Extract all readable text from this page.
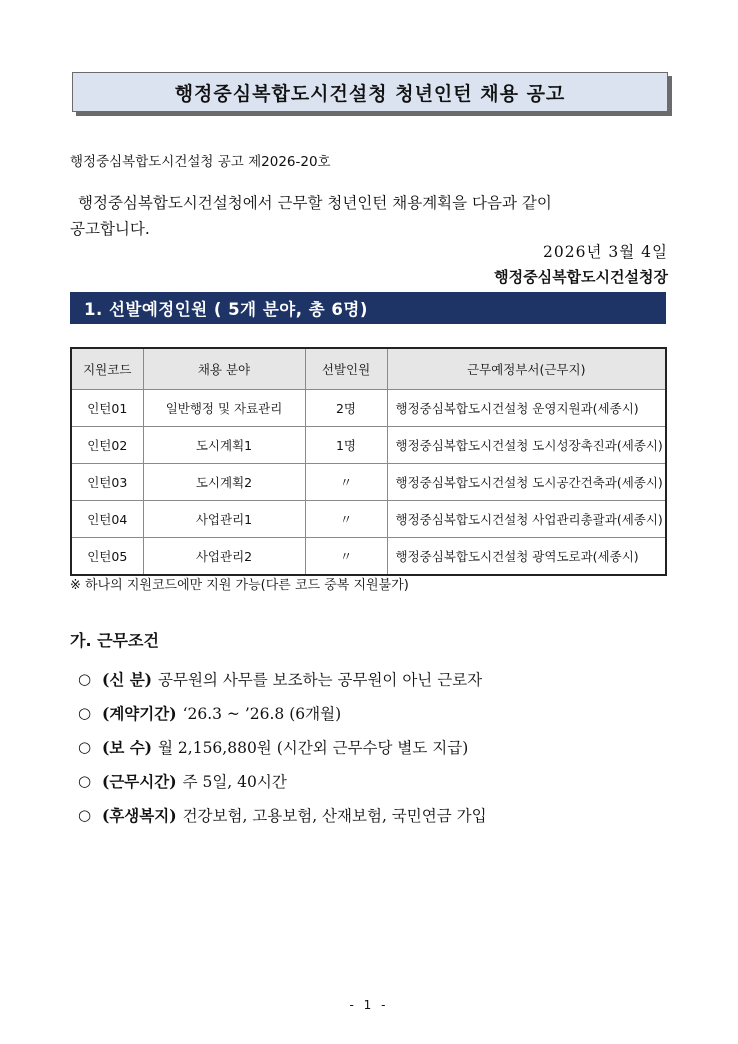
행정중심복합도시건설청 청년인턴 채용 공고
행정중심복합도시건설청 공고 제2026-20호
행정중심복합도시건설청에서 근무할 청년인턴 채용계획을 다음과 같이
공고합니다.
2026년 3월 4일
행정중심복합도시건설청장
1. 선발예정인원 ( 5개 분야, 총 6명)
지원코드	채용 분야	선발인원	근무예정부서(근무지)
인턴01	일반행정 및 자료관리	2명	행정중심복합도시건설청 운영지원과(세종시)
인턴02	도시계획1	1명	행정중심복합도시건설청 도시성장촉진과(세종시)
인턴03	도시계획2	〃	행정중심복합도시건설청 도시공간건축과(세종시)
인턴04	사업관리1	〃	행정중심복합도시건설청 사업관리총괄과(세종시)
인턴05	사업관리2	〃	행정중심복합도시건설청 광역도로과(세종시)
※ 하나의 지원코드에만 지원 가능(다른 코드 중복 지원불가)
가. 근무조건
○ (신 분) 공무원의 사무를 보조하는 공무원이 아닌 근로자
○ (계약기간) ‘26.3 ~ ’26.8 (6개월)
○ (보 수) 월 2,156,880원 (시간외 근무수당 별도 지급)
○ (근무시간) 주 5일, 40시간
○ (후생복지) 건강보험, 고용보험, 산재보험, 국민연금 가입
- 1 -
